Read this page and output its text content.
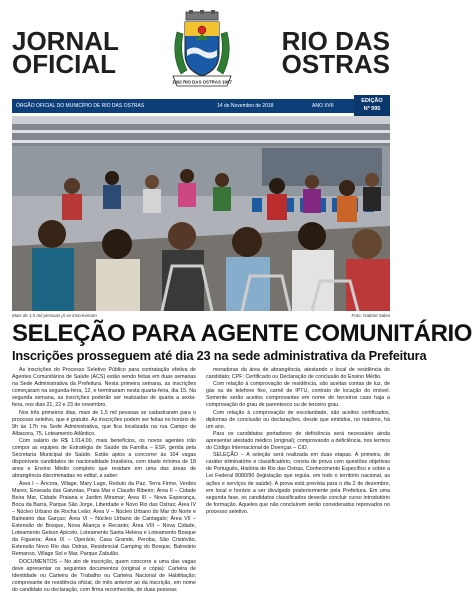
JORNAL
OFICIAL
1992 RIO DAS OSTRAS 1997
RIO DAS
OSTRAS
ÓRGÃO OFICIAL DO MUNICÍPIO DE RIO DAS OSTRAS	14 de Novembro de 2018	ANO XVII
EDIÇÃO
Nº 995
Mais de 1,5 mil pessoas já se inscreveram	Foto: Gabriel Sales
SELEÇÃO PARA AGENTE COMUNITÁRIO
Inscrições prosseguem até dia 23 na sede administrativa da Prefeitura

As inscrições do Processo Seletivo Público para contratação efetiva de Agentes Comunitários de Saúde (ACS) estão sendo feitas em duas semanas na Sede Administrativa da Prefeitura. Nesta primeira semana, as inscrições começaram na segunda-feira, 12, e terminaram nesta quarta-feira, dia 15. Na segunda semana, as inscrições poderão ser realizadas de quarta a sexta-feira, nos dias 21, 22 e 23 de novembro.

Nos três primeiros dias, mais de 1,5 mil pessoas se cadastraram para o processo seletivo, que é gratuito. As inscrições podem ser feitas no horário de 9h às 17h na Sede Administrativa, que fica localizada na rua Campo de Albacora, 75, Loteamento Atlântico.

Com salário de R$ 1.014,00, mais benefícios, os novos agentes irão compor as equipes de Estratégia de Saúde da Família – ESF, gerida pela Secretaria Municipal de Saúde. Estão aptos a concorrer às 104 vagas disponíveis candidatos de nacionalidade brasileira, com idade mínima de 18 anos e Ensino Médio completo que residam em uma das áreas de abrangência discriminadas no edital, a saber:

Área I – Âncora, Village, Mary Lago, Reduto da Paz, Terra Firme, Verdes Mares, Enseada das Gaivotas, Praia Mar e Claudio Ribeiro; Área II – Cidade Beira Mar, Cidade Praiana e Jardim Miramar; Área III – Nova Esperança, Boca da Barra, Parque São Jorge, Liberdade e Novo Rio das Ostras; Área IV – Núcleo Urbano de Rocha Leão; Área V – Núcleo Urbano do Mar do Norte e Balneário das Garças; Área VI – Núcleo Urbano de Cantagalo; Área VII – Extensão do Bosque, Nova Aliança e Recanto; Área VIII – Nova Cidade, Loteamento Gelson Apicelo, Loteamento Santa Helena e Loteamento Bosque da Figueira; Área IX – Operário, Casa Grande, Peroba, São Cristóvão, Extensão Novo Rio das Ostras, Residencial Camping do Bosque, Balneário Remanso, Village Sol e Mar, Parque Zabulão.

DOCUMENTOS – No ato de inscrição, quem concorre a uma das vagas deve apresentar os seguintes documentos (original e cópia): Carteira de Identidade ou Carteira de Trabalho ou Carteira Nacional de Habilitação; comprovante de residência oficial, do mês anterior ao da inscrição, em nome do candidato ou declaração, com firma reconhecida, de duas pessoas

moradoras da área de abrangência, atestando o local de residência do candidato; CPF; Certificado ou Declaração de conclusão do Ensino Médio.

Com relação à comprovação de residência, são aceitas contas de luz, de gás ou de telefone fixo, carnê de IPTU, contrato de locação do imóvel. Somente serão aceitos comprovantes em nome de terceiros caso haja a comprovação do grau de parentesco ou de terceiro grau.

Com relação à comprovação de escolaridade, são aceitos certificados, diplomas de conclusão ou declarações, desde que emitidos, no máximo, há um ano.

Para os candidatos portadores de deficiência será necessário ainda apresentar atestado médico (original); comprovando a deficiência, nos termos do Código Internacional de Doenças – CID.

SELEÇÃO – A seleção será realizada em duas etapas. A primeira, de caráter eliminatório e classificatório, consta de prova com questões objetivas de Português, História de Rio das Ostras, Conhecimento Específico e sobre a Lei Federal 8080/90 (legislação que regula, em todo o território nacional, as ações e serviços de saúde). A prova está prevista para o dia 2 de dezembro, em local e horário a ser divulgado posteriormente pela Prefeitura. Em uma segunda fase, os candidatos classificados deverão concluir curso introdutório de formação. Aqueles que não concluírem serão considerados reprovados no processo seletivo.
